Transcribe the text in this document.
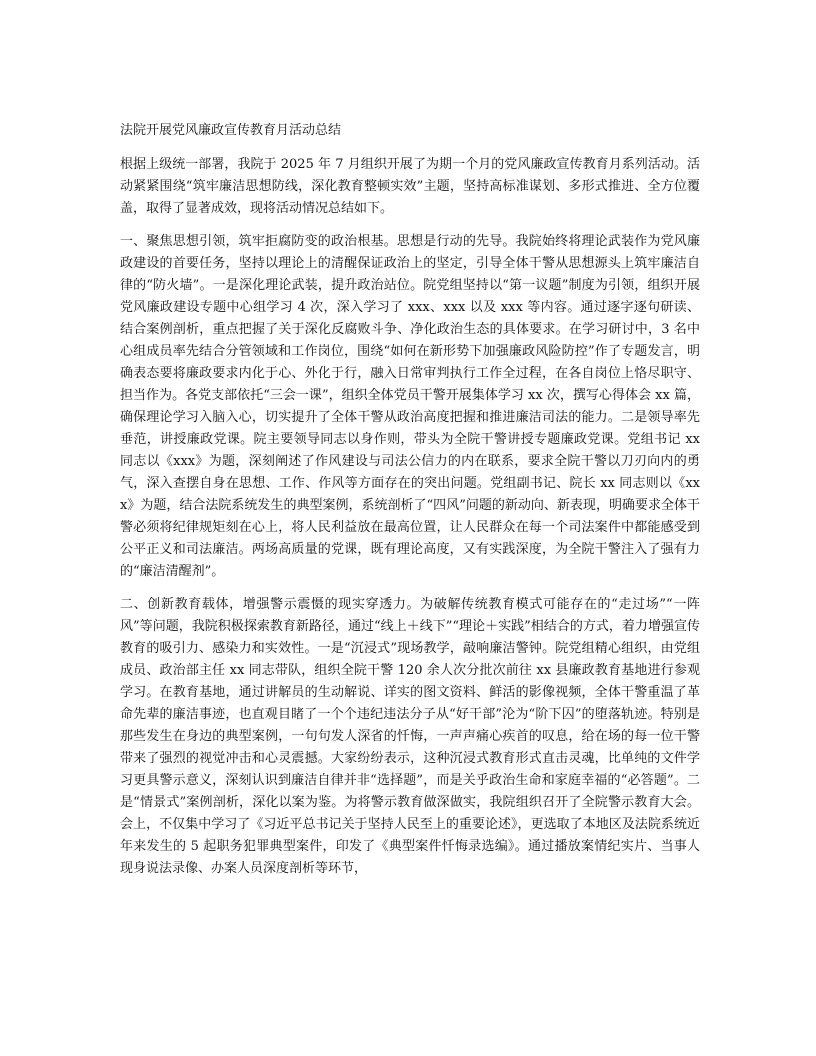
法院开展党风廉政宣传教育月活动总结

根据上级统一部署，我院于 2025 年 7 月组织开展了为期一个月的党风廉政宣传教育月系列活动。活动紧紧围绕“筑牢廉洁思想防线，深化教育整顿实效”主题，坚持高标准谋划、多形式推进、全方位覆盖，取得了显著成效，现将活动情况总结如下。

一、聚焦思想引领，筑牢拒腐防变的政治根基。思想是行动的先导。我院始终将理论武装作为党风廉政建设的首要任务，坚持以理论上的清醒保证政治上的坚定，引导全体干警从思想源头上筑牢廉洁自律的“防火墙”。一是深化理论武装，提升政治站位。院党组坚持以“第一议题”制度为引领，组织开展党风廉政建设专题中心组学习 4 次，深入学习了 xxx、xxx 以及 xxx 等内容。通过逐字逐句研读、结合案例剖析，重点把握了关于深化反腐败斗争、净化政治生态的具体要求。在学习研讨中，3 名中心组成员率先结合分管领域和工作岗位，围绕“如何在新形势下加强廉政风险防控”作了专题发言，明确表态要将廉政要求内化于心、外化于行，融入日常审判执行工作全过程，在各自岗位上恪尽职守、担当作为。各党支部依托“三会一课”，组织全体党员干警开展集体学习 xx 次，撰写心得体会 xx 篇，确保理论学习入脑入心，切实提升了全体干警从政治高度把握和推进廉洁司法的能力。二是领导率先垂范，讲授廉政党课。院主要领导同志以身作则，带头为全院干警讲授专题廉政党课。党组书记 xx 同志以《xxx》为题，深刻阐述了作风建设与司法公信力的内在联系，要求全院干警以刀刃向内的勇气，深入查摆自身在思想、工作、作风等方面存在的突出问题。党组副书记、院长 xx 同志则以《xxx》为题，结合法院系统发生的典型案例，系统剖析了“四风”问题的新动向、新表现，明确要求全体干警必须将纪律规矩刻在心上，将人民利益放在最高位置，让人民群众在每一个司法案件中都能感受到公平正义和司法廉洁。两场高质量的党课，既有理论高度，又有实践深度，为全院干警注入了强有力的“廉洁清醒剂”。

二、创新教育载体，增强警示震慑的现实穿透力。为破解传统教育模式可能存在的“走过场”“一阵风”等问题，我院积极探索教育新路径，通过“线上＋线下”“理论＋实践”相结合的方式，着力增强宣传教育的吸引力、感染力和实效性。一是“沉浸式”现场教学，敲响廉洁警钟。院党组精心组织，由党组成员、政治部主任 xx 同志带队，组织全院干警 120 余人次分批次前往 xx 县廉政教育基地进行参观学习。在教育基地，通过讲解员的生动解说、详实的图文资料、鲜活的影像视频，全体干警重温了革命先辈的廉洁事迹，也直观目睹了一个个违纪违法分子从“好干部”沦为“阶下囚”的堕落轨迹。特别是那些发生在身边的典型案例，一句句发人深省的忏悔，一声声痛心疾首的叹息，给在场的每一位干警带来了强烈的视觉冲击和心灵震撼。大家纷纷表示，这种沉浸式教育形式直击灵魂，比单纯的文件学习更具警示意义，深刻认识到廉洁自律并非“选择题”，而是关乎政治生命和家庭幸福的“必答题”。二是“情景式”案例剖析，深化以案为鉴。为将警示教育做深做实，我院组织召开了全院警示教育大会。会上，不仅集中学习了《习近平总书记关于坚持人民至上的重要论述》，更选取了本地区及法院系统近年来发生的 5 起职务犯罪典型案件，印发了《典型案件忏悔录选编》。通过播放案情纪实片、当事人现身说法录像、办案人员深度剖析等环节，
